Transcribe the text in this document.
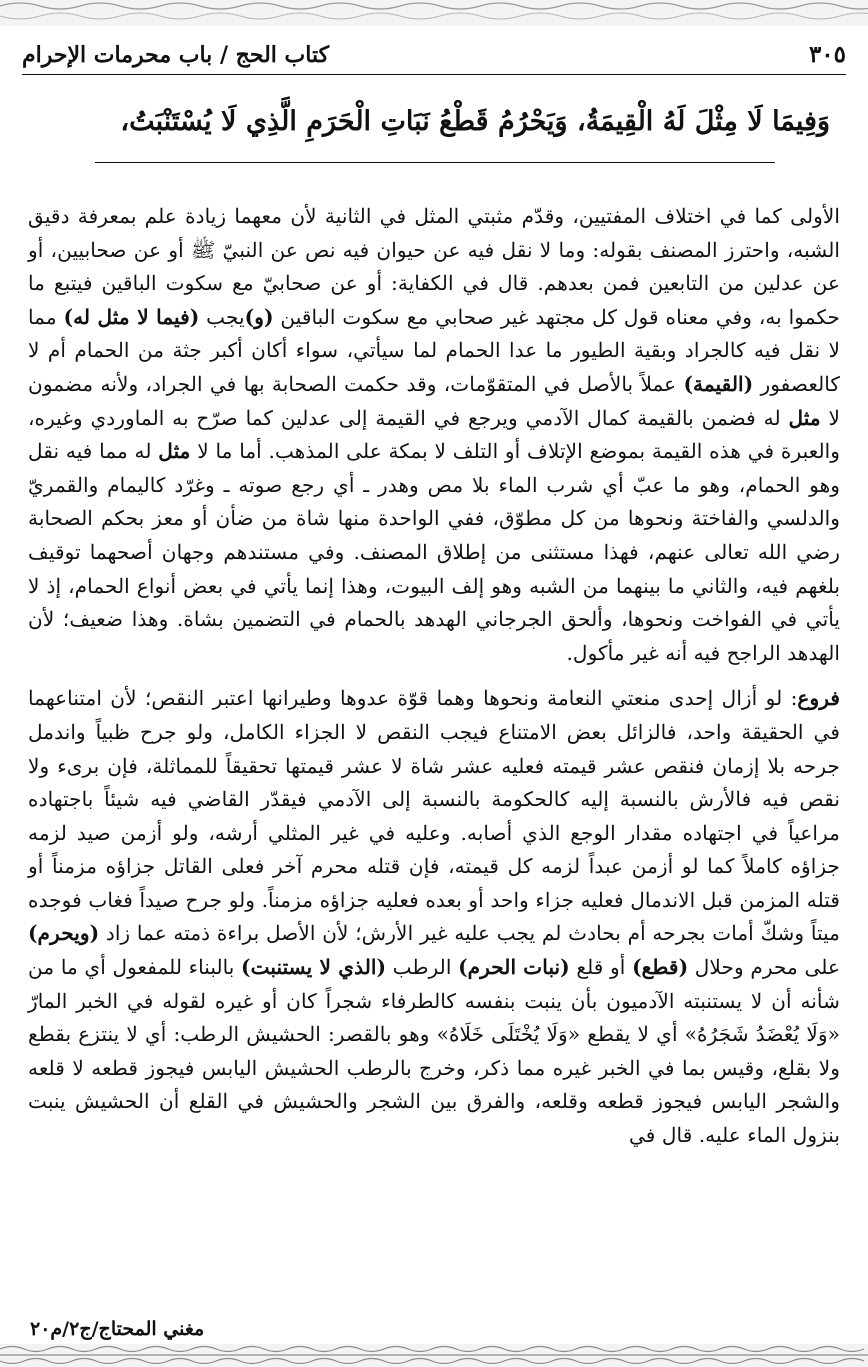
٣٠٥
كتاب الحج / باب محرمات الإحرام
وَفِيمَا لَا مِثْلَ لَهُ الْقِيمَةُ، وَيَحْرُمُ قَطْعُ نَبَاتِ الْحَرَمِ الَّذِي لَا يُسْتَنْبَتُ،

الأولى كما في اختلاف المفتيين، وقدّم مثبتي المثل في الثانية لأن معهما زيادة علم بمعرفة دقيق الشبه، واحترز المصنف بقوله: وما لا نقل فيه عن حيوان فيه نص عن النبيّ ﷺ أو عن صحابيين، أو عن عدلين من التابعين فمن بعدهم. قال في الكفاية: أو عن صحابيّ مع سكوت الباقين فيتبع ما حكموا به، وفي معناه قول كل مجتهد غير صحابي مع سكوت الباقين (و)يجب (فيما لا مثل له) مما لا نقل فيه كالجراد وبقية الطيور ما عدا الحمام لما سيأتي، سواء أكان أكبر جثة من الحمام أم لا كالعصفور (القيمة) عملاً بالأصل في المتقوّمات، وقد حكمت الصحابة بها في الجراد، ولأنه مضمون لا مثل له فضمن بالقيمة كمال الآدمي ويرجع في القيمة إلى عدلين كما صرّح به الماوردي وغيره، والعبرة في هذه القيمة بموضع الإتلاف أو التلف لا بمكة على المذهب. أما ما لا مثل له مما فيه نقل وهو الحمام، وهو ما عبّ أي شرب الماء بلا مص وهدر ـ أي رجع صوته ـ وغرّد كاليمام والقمريّ والدلسي والفاختة ونحوها من كل مطوّق، ففي الواحدة منها شاة من ضأن أو معز بحكم الصحابة رضي الله تعالى عنهم، فهذا مستثنى من إطلاق المصنف. وفي مستندهم وجهان أصحهما توقيف بلغهم فيه، والثاني ما بينهما من الشبه وهو إلف البيوت، وهذا إنما يأتي في بعض أنواع الحمام، إذ لا يأتي في الفواخت ونحوها، وألحق الجرجاني الهدهد بالحمام في التضمين بشاة. وهذا ضعيف؛ لأن الهدهد الراجح فيه أنه غير مأكول.

فروع: لو أزال إحدى منعتي النعامة ونحوها وهما قوّة عدوها وطيرانها اعتبر النقص؛ لأن امتناعهما في الحقيقة واحد، فالزائل بعض الامتناع فيجب النقص لا الجزاء الكامل، ولو جرح ظبياً واندمل جرحه بلا إزمان فنقص عشر قيمته فعليه عشر شاة لا عشر قيمتها تحقيقاً للمماثلة، فإن برىء ولا نقص فيه فالأرش بالنسبة إليه كالحكومة بالنسبة إلى الآدمي فيقدّر القاضي فيه شيئاً باجتهاده مراعياً في اجتهاده مقدار الوجع الذي أصابه. وعليه في غير المثلي أرشه، ولو أزمن صيد لزمه جزاؤه كاملاً كما لو أزمن عبداً لزمه كل قيمته، فإن قتله محرم آخر فعلى القاتل جزاؤه مزمناً أو قتله المزمن قبل الاندمال فعليه جزاء واحد أو بعده فعليه جزاؤه مزمناً. ولو جرح صيداً فغاب فوجده ميتاً وشكّ أمات بجرحه أم بحادث لم يجب عليه غير الأرش؛ لأن الأصل براءة ذمته عما زاد (ويحرم) على محرم وحلال (قطع) أو قلع (نبات الحرم) الرطب (الذي لا يستنبت) بالبناء للمفعول أي ما من شأنه أن لا يستنبته الآدميون بأن ينبت بنفسه كالطرفاء شجراً كان أو غيره لقوله في الخبر المارّ «وَلَا يُعْضَدُ شَجَرُهُ» أي لا يقطع «وَلَا يُخْتَلَى خَلَاهُ» وهو بالقصر: الحشيش الرطب: أي لا ينتزع بقطع ولا بقلع، وقيس بما في الخبر غيره مما ذكر، وخرج بالرطب الحشيش اليابس فيجوز قطعه لا قلعه والشجر اليابس فيجوز قطعه وقلعه، والفرق بين الشجر والحشيش في القلع أن الحشيش ينبت بنزول الماء عليه. قال في

مغني المحتاج/ج٢/م٢٠
